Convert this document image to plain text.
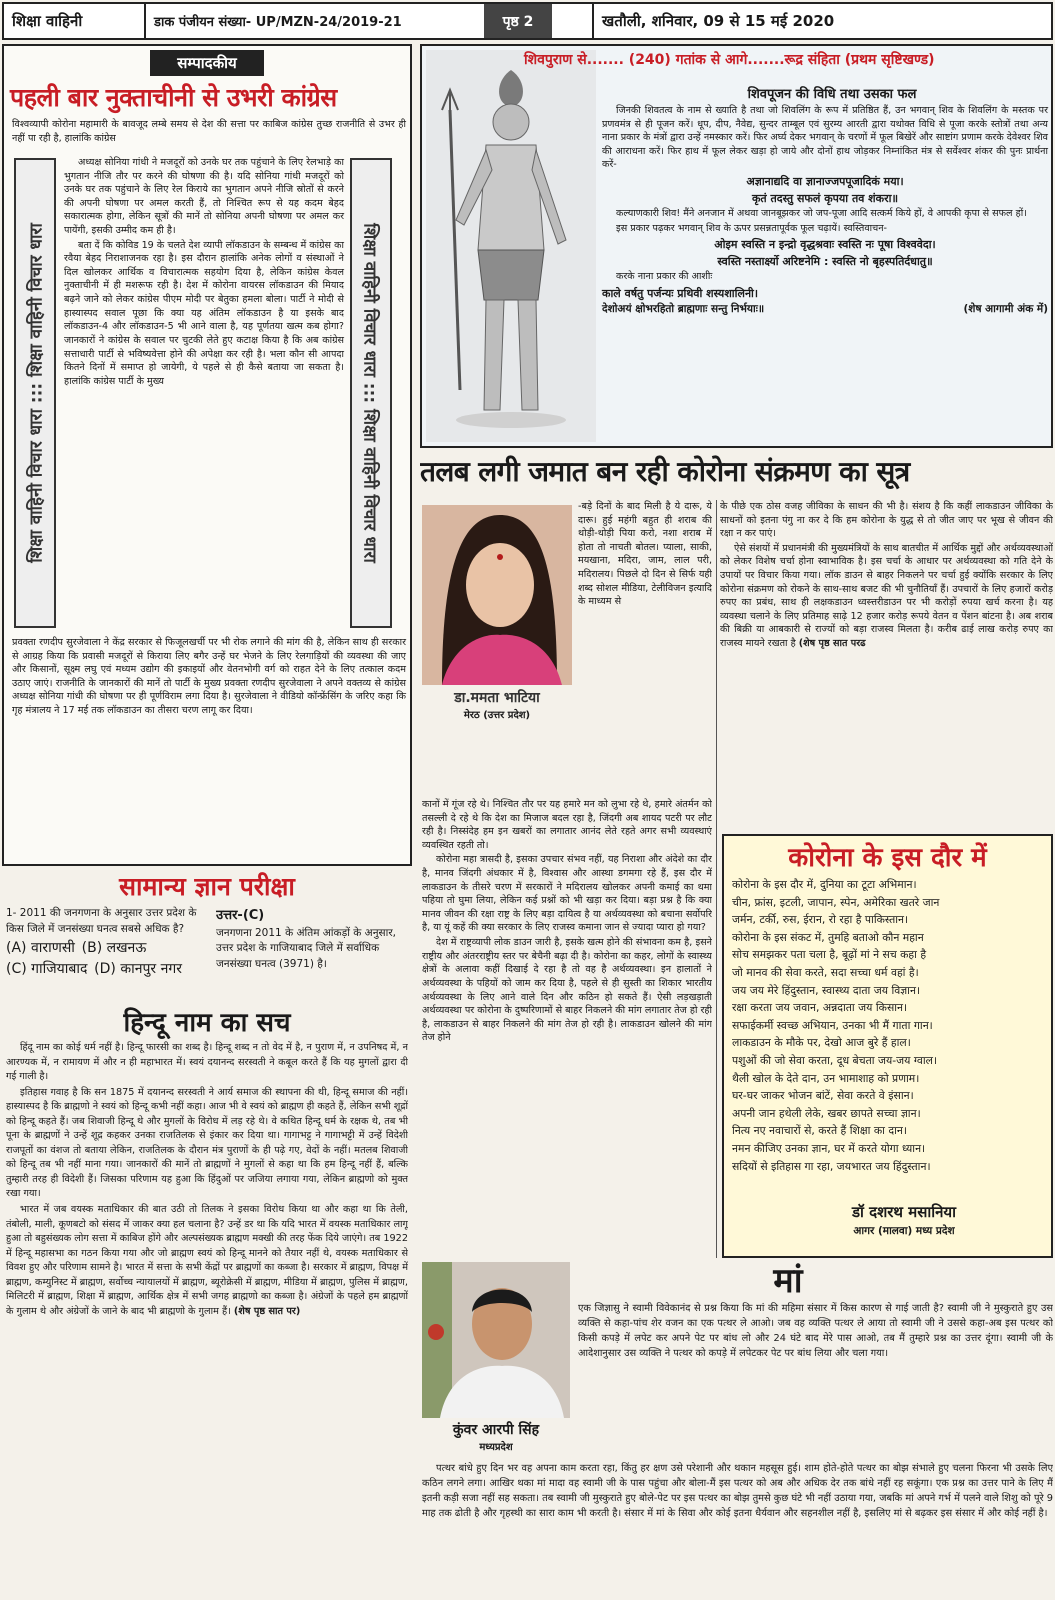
शिक्षा वाहिनी	डाक पंजीयन संख्या- UP/MZN-24/2019-21	पृष्ठ 2	खतौली, शनिवार, 09 से 15 मई 2020
सम्पादकीय
पहली बार नुक्ताचीनी से उभरी कांग्रेस
विश्वव्यापी कोरोना महामारी के बावजूद लम्बे समय से देश की सत्ता पर काबिज कांग्रेस तुच्छ राजनीति से उभर ही नहीं पा रही है, हालांकि कांग्रेस
शिक्षा वाहिनी विचार धारा ::: शिक्षा वाहिनी विचार धारा

अध्यक्ष सोनिया गांधी ने मजदूरों को उनके घर तक पहुंचाने के लिए रेलभाड़े का भुगतान नीजि तौर पर करने की घोषणा की है। यदि सोनिया गांधी मजदूरों को उनके घर तक पहुंचाने के लिए रेल किराये का भुगतान अपने नीजि स्रोतों से करने की अपनी घोषणा पर अमल करती हैं, तो निश्चित रूप से यह कदम बेहद सकारात्मक होगा, लेकिन सूत्रों की मानें तो सोनिया अपनी घोषणा पर अमल कर पायेंगी, इसकी उम्मीद कम ही है।

बता दें कि कोविड 19 के चलते देश व्यापी लॉकडाउन के सम्बन्ध में कांग्रेस का रवैया बेहद निराशाजनक रहा है। इस दौरान हालांकि अनेक लोगों व संस्थाओं ने दिल खोलकर आर्थिक व विचारात्मक सहयोग दिया है, लेकिन कांग्रेस केवल नुक्ताचीनी में ही मशरूफ रही है। देश में कोरोना वायरस लॉकडाउन की मियाद बढ़ने जाने को लेकर कांग्रेस पीएम मोदी पर बेतुका हमला बोला। पार्टी ने मोदी से हास्यास्पद सवाल पूछा कि क्या यह अंतिम लॉकडाउन है या इसके बाद लॉकडाउन-4 और लॉकडाउन-5 भी आने वाला है, यह पूर्णतया खत्म कब होगा? जानकारों ने कांग्रेस के सवाल पर चुटकी लेते हुए कटाक्ष किया है कि अब कांग्रेस सत्ताधारी पार्टी से भविष्यवेत्ता होने की अपेक्षा कर रही है। भला कौन सी आपदा कितने दिनों में समाप्त हो जायेगी, ये पहले से ही कैसे बताया जा सकता है। हालांकि कांग्रेस पार्टी के मुख्य	शिक्षा वाहिनी विचार धारा ::: शिक्षा वाहिनी विचार धारा
प्रवक्ता रणदीप सुरजेवाला ने केंद्र सरकार से फिजूलखर्ची पर भी रोक लगाने की मांग की है, लेकिन साथ ही सरकार से आग्रह किया कि प्रवासी मजदूरों से किराया लिए बगैर उन्हें घर भेजने के लिए रेलगाड़ियों की व्यवस्था की जाए और किसानों, सूक्ष्म लघु एवं मध्यम उद्योग की इकाइयों और वेतनभोगी वर्ग को राहत देने के लिए तत्काल कदम उठाए जाएं। राजनीति के जानकारों की मानें तो पार्टी के मुख्य प्रवक्ता रणदीप सुरजेवाला ने अपने वक्तव्य से कांग्रेस अध्यक्ष सोनिया गांधी की घोषणा पर ही पूर्णविराम लगा दिया है। सुरजेवाला ने वीडियो कॉन्फ्रेंसिंग के जरिए कहा कि गृह मंत्रालय ने 17 मई तक लॉकडाउन का तीसरा चरण लागू कर दिया।
सामान्य ज्ञान परीक्षा
1- 2011 की जनगणना के अनुसार उत्तर प्रदेश के किस जिले में जनसंख्या घनत्व सबसे अधिक है?
(A) वाराणसी (B) लखनऊ
(C) गाजियाबाद (D) कानपुर नगर
उत्तर-(C)
जनगणना 2011 के अंतिम आंकड़ों के अनुसार, उत्तर प्रदेश के गाजियाबाद जिले में सर्वाधिक जनसंख्या घनत्व (3971) है।
हिन्दू नाम का सच

हिंदू नाम का कोई धर्म नहीं है। हिन्दू फारसी का शब्द है। हिन्दू शब्द न तो वेद में है, न पुराण में, न उपनिषद में, न आरण्यक में, न रामायण में और न ही महाभारत में। स्वयं दयानन्द सरस्वती ने कबूल करते हैं कि यह मुगलों द्वारा दी गई गाली है।

इतिहास गवाह है कि सन 1875 में दयानन्द सरस्वती ने आर्य समाज की स्थापना की थी, हिन्दू समाज की नहीं। हास्यास्पद है कि ब्राह्मणो ने स्वयं को हिन्दू कभी नहीं कहा। आज भी वे स्वयं को ब्राह्मण ही कहते हैं, लेकिन सभी शूद्रों को हिन्दू कहते हैं। जब शिवाजी हिन्दू थे और मुगलों के विरोध में लड़ रहे थे। वे कथित हिन्दू धर्म के रक्षक थे, तब भी पूना के ब्राह्मणों ने उन्हें शूद्र कहकर उनका राजतिलक से इंकार कर दिया था। गागाभट्ट ने गागाभट्टी में उन्हें विदेशी राजपूतों का वंशज तो बताया लेकिन, राजतिलक के दौरान मंत्र पुराणों के ही पढ़े गए, वेदों के नहीं। मतलब शिवाजी को हिन्दू तब भी नहीं माना गया। जानकारों की मानें तो ब्राह्मणों ने मुगलों से कहा था कि हम हिन्दू नहीं हैं, बल्कि तुम्हारी तरह ही विदेशी हैं। जिसका परिणाम यह हुआ कि हिंदुओं पर जजिया लगाया गया, लेकिन ब्राह्मणो को मुक्त रखा गया।

भारत में जब वयस्क मताधिकार की बात उठी तो तिलक ने इसका विरोध किया था और कहा था कि तेली, तंबोली, माली, कूणबटो को संसद में जाकर क्या हल चलाना है? उन्हें डर था कि यदि भारत में वयस्क मताधिकार लागू हुआ तो बहुसंख्यक लोग सत्ता में काबिज होंगे और अल्पसंख्यक ब्राह्मण मक्खी की तरह फेंक दिये जाएंगे। तब 1922 में हिन्दू महासभा का गठन किया गया और जो ब्राह्मण स्वयं को हिन्दू मानने को तैयार नहीं थे, वयस्क मताधिकार से विवश हुए और परिणाम सामने है। भारत में सत्ता के सभी केंद्रों पर ब्राह्मणों का कब्जा है। सरकार में ब्राह्मण, विपक्ष में ब्राह्मण, कम्युनिस्ट में ब्राह्मण, सर्वोच्च न्यायालयों में ब्राह्मण, ब्यूरोक्रेसी में ब्राह्मण, मीडिया में ब्राह्मण, पुलिस में ब्राह्मण, मिलिटरी में ब्राह्मण, शिक्षा में ब्राह्मण, आर्थिक क्षेत्र में सभी जगह ब्राह्मणो का कब्जा है। अंग्रेजों के पहले हम ब्राह्मणों के गुलाम थे और अंग्रेजों के जाने के बाद भी ब्राह्मणो के गुलाम हैं। (शेष पृष्ठ सात पर)

शिवपुराण से....... (240) गतांक से आगे.......रूद्र संहिता (प्रथम सृष्टिखण्ड)
शिवपूजन की विधि तथा उसका फल

जिनकी शिवतत्व के नाम से ख्याति है तथा जो शिवलिंग के रूप में प्रतिष्ठित हैं, उन भगवान् शिव के शिवलिंग के मस्तक पर प्रणवमंत्र से ही पूजन करें। धूप, दीप, नैवेद्य, सुन्दर ताम्बूल एवं सुरम्य आरती द्वारा यथोक्त विधि से पूजा करके स्तोत्रों तथा अन्य नाना प्रकार के मंत्रों द्वारा उन्हें नमस्कार करें। फिर अर्घ्य देकर भगवान् के चरणों में फूल बिखेरें और साष्टांग प्रणाम करके देवेश्वर शिव की आराधना करें। फिर हाथ में फूल लेकर खड़ा हो जाये और दोनों हाथ जोड़कर निम्नांकित मंत्र से सर्वेश्वर शंकर की पुनः प्रार्थना करें-

अज्ञानाद्यदि वा ज्ञानाज्जपपूजादिकं मया।
कृतं तदस्तु सफलं कृपया तव शंकरा॥

कल्याणकारी शिव! मैंने अनजान में अथवा जानबूझकर जो जप-पूजा आदि सत्कर्म किये हों, वे आपकी कृपा से सफल हों।

इस प्रकार पढ़कर भगवान् शिव के ऊपर प्रसन्नतापूर्वक फूल चढ़ायें। स्वस्तिवाचन-

ओइम स्वस्ति न इन्द्रो वृद्धश्रवाः स्वस्ति नः पूषा विश्ववेदा।
स्वस्ति नस्तार्क्ष्यो अरिष्टनेमि : स्वस्ति नो बृहस्पतिर्दधातु॥

करके नाना प्रकार की आशीः

काले वर्षतु पर्जन्यः प्रथिवी शस्यशालिनी।
देशोअयं क्षोभरहितो ब्राह्मणाः सन्तु निर्भयाः॥	(शेष आगामी अंक में)
तलब लगी जमात बन रही कोरोना संक्रमण का सूत्र
डा.ममता भाटिया
मेरठ (उत्तर प्रदेश)
-बड़े दिनों के बाद मिली है ये दारू, ये दारू। हुई महंगी बहुत ही शराब की थोड़ी-थोड़ी पिया करो, नशा शराब में होता तो नाचती बोतल। प्याला, साकी, मयखाना, मदिरा, जाम, लाल परी, मदिरालय। पिछले दो दिन से सिर्फ यही शब्द सोशल मीडिया, टेलीविजन इत्यादि के माध्यम से

कानों में गूंज रहे थे। निश्चित तौर पर यह हमारे मन को लुभा रहे थे, हमारे अंतर्मन को तसल्ली दे रहे थे कि देश का मिजाज बदल रहा है, जिंदगी अब शायद पटरी पर लौट रही है। निस्संदेह हम इन खबरों का लगातार आनंद लेते रहते अगर सभी व्यवस्थाएं व्यवस्थित रहती तो।

कोरोना महा त्रासदी है, इसका उपचार संभव नहीं, यह निराशा और अंदेशे का दौर है, मानव जिंदगी अंधकार में है, विश्वास और आस्था डगमगा रहे हैं, इस दौर में लाकडाउन के तीसरे चरण में सरकारों ने मदिरालय खोलकर अपनी कमाई का थमा पहिया तो घुमा लिया, लेकिन कई प्रश्नों को भी खड़ा कर दिया। बड़ा प्रश्न है कि क्या मानव जीवन की रक्षा राष्ट्र के लिए बड़ा दायित्व है या अर्थव्यवस्था को बचाना सर्वोपरि है, या यूं कहें की क्या सरकार के लिए राजस्व कमाना जान से ज्यादा प्यारा हो गया?

देश में राष्ट्रव्यापी लोक डाउन जारी है, इसके खत्म होने की संभावना कम है, इसने राष्ट्रीय और अंतरराष्ट्रीय स्तर पर बेचैनी बढ़ा दी है। कोरोना का कहर, लोगों के स्वास्थ्य क्षेत्रों के अलावा कहीं दिखाई दे रहा है तो वह है अर्थव्यवस्था। इन हालातों ने अर्थव्यवस्था के पहियों को जाम कर दिया है, पहले से ही सुस्ती का शिकार भारतीय अर्थव्यवस्था के लिए आने वाले दिन और कठिन हो सकते हैं। ऐसी लड़खड़ाती अर्थव्यवस्था पर कोरोना के दुष्परिणामों से बाहर निकलने की मांग लगातार तेज हो रही है, लाकडाउन से बाहर निकलने की मांग तेज हो रही है। लाकडाउन खोलने की मांग तेज होने

के पीछे एक ठोस वजह जीविका के साधन की भी है। संशय है कि कहीं लाकडाउन जीविका के साधनों को इतना पंगु ना कर दे कि हम कोरोना के युद्ध से तो जीत जाए पर भूख से जीवन की रक्षा न कर पाएं।

ऐसे संशयों में प्रधानमंत्री की मुख्यमंत्रियों के साथ बातचीत में आर्थिक मुद्दों और अर्थव्यवस्थाओं को लेकर विशेष चर्चा होना स्वाभाविक है। इस चर्चा के आधार पर अर्थव्यवस्था को गति देने के उपायों पर विचार किया गया। लॉक डाउन से बाहर निकलने पर चर्चा हुई क्योंकि सरकार के लिए कोरोना संक्रमण को रोकने के साथ-साथ बजट की भी चुनौतियाँ हैं। उपचारों के लिए हजारों करोड़ रुपए का प्रबंध, साथ ही लक्षकडाउन ध्वस्त्तरीडाउन पर भी करोड़ों रुपया खर्च करना है। यह व्यवस्था चलाने के लिए प्रतिमाह साढ़े 12 हजार करोड़ रूपये वेतन व पेंशन बांटना है। अब शराब की बिक्री या आबकारी से राज्यों को बड़ा राजस्व मिलता है। करीब ढाई लाख करोड़ रुपए का राजस्व मायने रखता है (शेष पृष्ठ सात परढ

कोरोना के इस दौर में
कोरोना के इस दौर में, दुनिया का टूटा अभिमान।
चीन, फ्रांस, इटली, जापान, स्पेन, अमेरिका खतरे जान
जर्मन, टर्की, रुस, ईरान, रो रहा है पाकिस्तान।
कोरोना के इस संकट में, तुमहि बताओ कौन महान
सोच समझकर पता चला है, बूढ़ों मां ने सच कहा है
जो मानव की सेवा करते, सदा सच्चा धर्म वहां है।
जय जय मेरे हिंदुस्तान, स्वास्थ्य दाता जय विज्ञान।
रक्षा करता जय जवान, अन्नदाता जय किसान।
सफाईकर्मी स्वच्छ अभियान, उनका भी मैं गाता गान।
लाकडाउन के मौके पर, देखो आज बुरे हैं हाल।
पशुओं की जो सेवा करता, दूध बेचता जय-जय ग्वाल।
थैली खोल के देते दान, उन भामाशाह को प्रणाम।
घर-घर जाकर भोजन बांटें, सेवा करते वे इंसान।
अपनी जान हथेली लेके, खबर छापते सच्चा ज्ञान।
नित्य नए नवाचारों से, करते हैं शिक्षा का दान।
नमन कीजिए उनका ज्ञान, घर में करते योगा ध्यान।
सदियों से इतिहास गा रहा, जयभारत जय हिंदुस्तान।
डॉ दशरथ मसानिया
आगर (मालवा) मध्य प्रदेश
मां
कुंवर आरपी सिंह
मध्यप्रदेश
एक जिज्ञासु ने स्वामी विवेकानंद से प्रश्न किया कि मां की महिमा संसार में किस कारण से गाई जाती है? स्वामी जी ने मुस्कुराते हुए उस व्यक्ति से कहा-पांच शेर वजन का एक पत्थर ले आओ। जब वह व्यक्ति पत्थर ले आया तो स्वामी जी ने उससे कहा-अब इस पत्थर को किसी कपड़े में लपेट कर अपने पेट पर बांध लो और 24 घंटे बाद मेरे पास आओ, तब मैं तुम्हारे प्रश्न का उत्तर दूंगा। स्वामी जी के आदेशानुसार उस व्यक्ति ने पत्थर को कपड़े में लपेटकर पेट पर बांध लिया और चला गया।

पत्थर बांधे हुए दिन भर वह अपना काम करता रहा, किंतु हर क्षण उसे परेशानी और थकान महसूस हुई। शाम होते-होते पत्थर का बोझ संभाले हुए चलना फिरना भी उसके लिए कठिन लगने लगा। आखिर थका मां मादा वह स्वामी जी के पास पहुंचा और बोला-मैं इस पत्थर को अब और अधिक देर तक बांधे नहीं रह सकूंगा। एक प्रश्न का उत्तर पाने के लिए मैं इतनी कड़ी सजा नहीं सह सकता। तब स्वामी जी मुस्कुराते हुए बोले-पेट पर इस पत्थर का बोझ तुमसे कुछ घंटे भी नहीं उठाया गया, जबकि मां अपने गर्भ में पलने वाले शिशु को पूरे 9 माह तक ढोती है और गृहस्थी का सारा काम भी करती है। संसार में मां के सिवा और कोई इतना धैर्यवान और सहनशील नहीं है, इसलिए मां से बढ़कर इस संसार में और कोई नहीं है।
